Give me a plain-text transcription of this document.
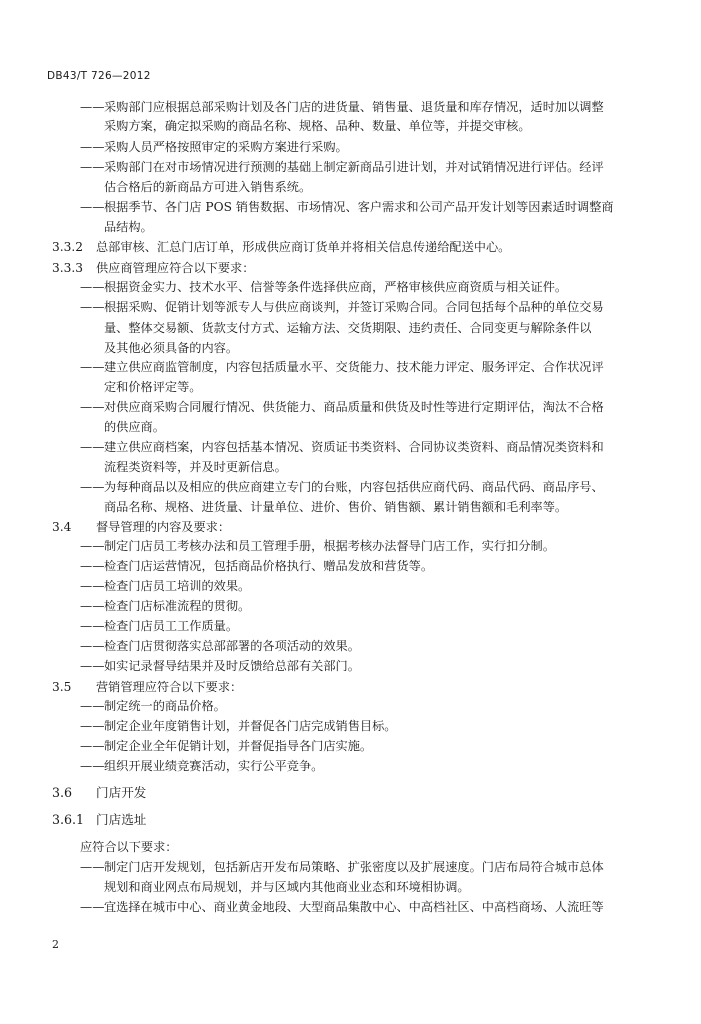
DB43/T 726—2012
——采购部门应根据总部采购计划及各门店的进货量、销售量、退货量和库存情况，适时加以调整
采购方案，确定拟采购的商品名称、规格、品种、数量、单位等，并提交审核。
——采购人员严格按照审定的采购方案进行采购。
——采购部门在对市场情况进行预测的基础上制定新商品引进计划，并对试销情况进行评估。经评
估合格后的新商品方可进入销售系统。
——根据季节、各门店 POS 销售数据、市场情况、客户需求和公司产品开发计划等因素适时调整商
品结构。
3.3.2 总部审核、汇总门店订单，形成供应商订货单并将相关信息传递给配送中心。
3.3.3 供应商管理应符合以下要求：
——根据资金实力、技术水平、信誉等条件选择供应商，严格审核供应商资质与相关证件。
——根据采购、促销计划等派专人与供应商谈判，并签订采购合同。合同包括每个品种的单位交易
量、整体交易额、货款支付方式、运输方法、交货期限、违约责任、合同变更与解除条件以
及其他必须具备的内容。
——建立供应商监管制度，内容包括质量水平、交货能力、技术能力评定、服务评定、合作状况评
定和价格评定等。
——对供应商采购合同履行情况、供货能力、商品质量和供货及时性等进行定期评估，淘汰不合格
的供应商。
——建立供应商档案，内容包括基本情况、资质证书类资料、合同协议类资料、商品情况类资料和
流程类资料等，并及时更新信息。
——为每种商品以及相应的供应商建立专门的台账，内容包括供应商代码、商品代码、商品序号、
商品名称、规格、进货量、计量单位、进价、售价、销售额、累计销售额和毛利率等。
3.4 督导管理的内容及要求：
——制定门店员工考核办法和员工管理手册，根据考核办法督导门店工作，实行扣分制。
——检查门店运营情况，包括商品价格执行、赠品发放和营货等。
——检查门店员工培训的效果。
——检查门店标准流程的贯彻。
——检查门店员工工作质量。
——检查门店贯彻落实总部部署的各项活动的效果。
——如实记录督导结果并及时反馈给总部有关部门。
3.5 营销管理应符合以下要求：
——制定统一的商品价格。
——制定企业年度销售计划，并督促各门店完成销售目标。
——制定企业全年促销计划，并督促指导各门店实施。
——组织开展业绩竞赛活动，实行公平竞争。
3.6 门店开发
3.6.1 门店选址
应符合以下要求：
——制定门店开发规划，包括新店开发布局策略、扩张密度以及扩展速度。门店布局符合城市总体
规划和商业网点布局规划，并与区域内其他商业业态和环境相协调。
——宜选择在城市中心、商业黄金地段、大型商品集散中心、中高档社区、中高档商场、人流旺等
2
